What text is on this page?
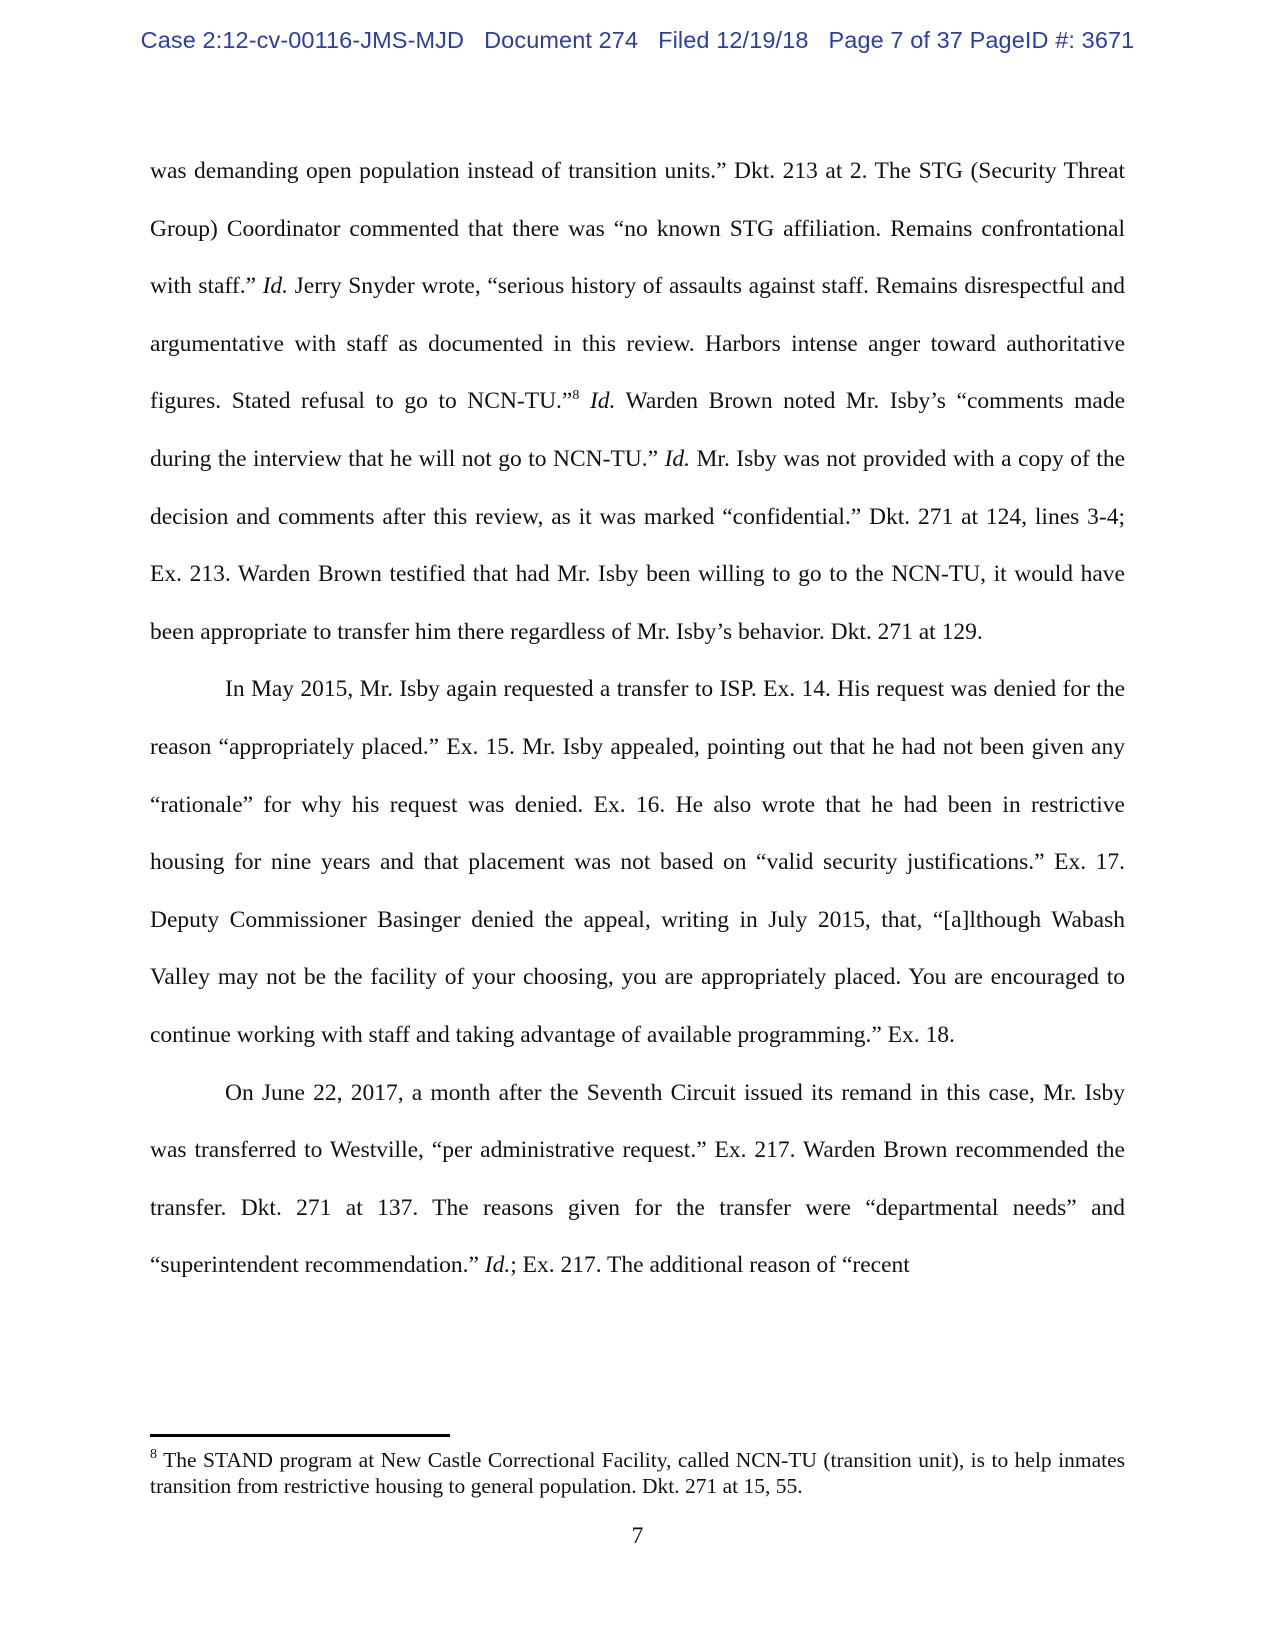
Case 2:12-cv-00116-JMS-MJD Document 274 Filed 12/19/18 Page 7 of 37 PageID #: 3671

was demanding open population instead of transition units.” Dkt. 213 at 2. The STG (Security Threat Group) Coordinator commented that there was “no known STG affiliation. Remains confrontational with staff.” Id. Jerry Snyder wrote, “serious history of assaults against staff. Remains disrespectful and argumentative with staff as documented in this review. Harbors intense anger toward authoritative figures. Stated refusal to go to NCN-TU.”$^8$ Id. Warden Brown noted Mr. Isby’s “comments made during the interview that he will not go to NCN-TU.” Id. Mr. Isby was not provided with a copy of the decision and comments after this review, as it was marked “confidential.” Dkt. 271 at 124, lines 3-4; Ex. 213. Warden Brown testified that had Mr. Isby been willing to go to the NCN-TU, it would have been appropriate to transfer him there regardless of Mr. Isby’s behavior. Dkt. 271 at 129.

In May 2015, Mr. Isby again requested a transfer to ISP. Ex. 14. His request was denied for the reason “appropriately placed.” Ex. 15. Mr. Isby appealed, pointing out that he had not been given any “rationale” for why his request was denied. Ex. 16. He also wrote that he had been in restrictive housing for nine years and that placement was not based on “valid security justifications.” Ex. 17. Deputy Commissioner Basinger denied the appeal, writing in July 2015, that, “[a]lthough Wabash Valley may not be the facility of your choosing, you are appropriately placed. You are encouraged to continue working with staff and taking advantage of available programming.” Ex. 18.

On June 22, 2017, a month after the Seventh Circuit issued its remand in this case, Mr. Isby was transferred to Westville, “per administrative request.” Ex. 217. Warden Brown recommended the transfer. Dkt. 271 at 137. The reasons given for the transfer were “departmental needs” and “superintendent recommendation.” Id.; Ex. 217. The additional reason of “recent

$^8$ The STAND program at New Castle Correctional Facility, called NCN-TU (transition unit), is to help inmates transition from restrictive housing to general population. Dkt. 271 at 15, 55.

7
